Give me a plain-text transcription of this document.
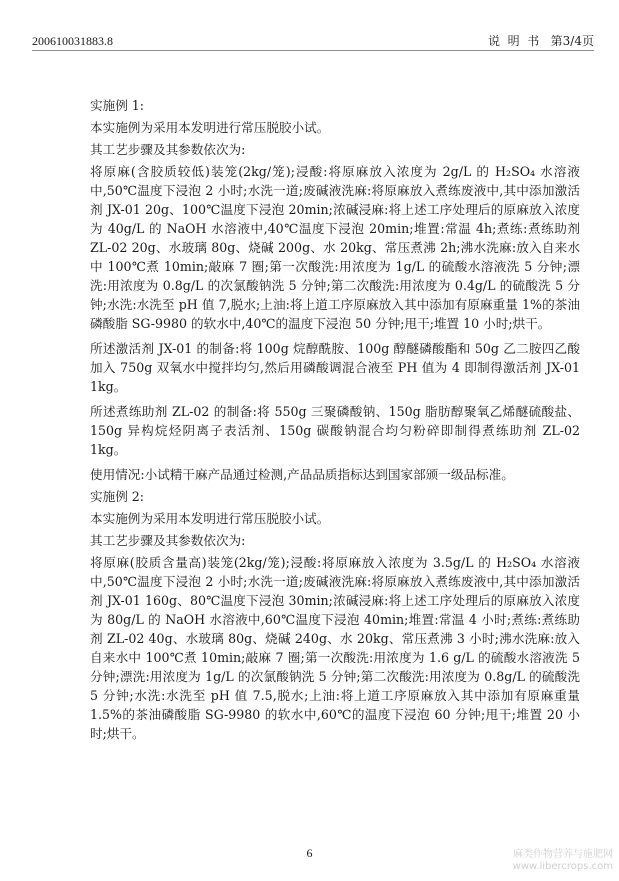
200610031883.8	说  明  书 第3/4页

实施例 1:

本实施例为采用本发明进行常压脱胶小试。

其工艺步骤及其参数依次为:

将原麻(含胶质较低)装笼(2kg/笼);浸酸:将原麻放入浓度为 2g/L 的 H₂SO₄ 水溶液中,50℃温度下浸泡 2 小时;水洗一道;废碱液洗麻:将原麻放入煮练废液中,其中添加激活剂 JX-01 20g、100℃温度下浸泡 20min;浓碱浸麻:将上述工序处理后的原麻放入浓度为 40g/L 的 NaOH 水溶液中,40℃温度下浸泡 20min;堆置:常温 4h;煮练:煮练助剂 ZL-02 20g、水玻璃 80g、烧碱 200g、水 20kg、常压煮沸 2h;沸水洗麻:放入自来水中 100℃煮 10min;敲麻 7 圈;第一次酸洗:用浓度为 1g/L 的硫酸水溶液洗 5 分钟;漂洗:用浓度为 0.8g/L 的次氯酸钠洗 5 分钟;第二次酸洗:用浓度为 0.4g/L 的硫酸洗 5 分钟;水洗:水洗至 pH 值 7,脱水;上油:将上道工序原麻放入其中添加有原麻重量 1%的茶油磷酸脂 SG-9980 的软水中,40℃的温度下浸泡 50 分钟;甩干;堆置 10 小时;烘干。

所述激活剂 JX-01 的制备:将 100g 烷醇酰胺、100g 醇醚磷酸酯和 50g 乙二胺四乙酸加入 750g 双氧水中搅拌均匀,然后用磷酸调混合液至 PH 值为 4 即制得激活剂 JX-01 1kg。

所述煮练助剂 ZL-02 的制备:将 550g 三聚磷酸钠、150g 脂肪醇聚氧乙烯醚硫酸盐、150g 异构烷烃阴离子表活剂、150g 碳酸钠混合均匀粉碎即制得煮练助剂 ZL-02 1kg。

使用情况:小试精干麻产品通过检测,产品品质指标达到国家部颁一级品标准。

实施例 2:

本实施例为采用本发明进行常压脱胶小试。

其工艺步骤及其参数依次为:

将原麻(胶质含量高)装笼(2kg/笼);浸酸:将原麻放入浓度为 3.5g/L 的 H₂SO₄ 水溶液中,50℃温度下浸泡 2 小时;水洗一道;废碱液洗麻:将原麻放入煮练废液中,其中添加激活剂 JX-01 160g、80℃温度下浸泡 30min;浓碱浸麻:将上述工序处理后的原麻放入浓度为 80g/L 的 NaOH 水溶液中,60℃温度下浸泡 40min;堆置:常温 4 小时;煮练:煮练助剂 ZL-02 40g、水玻璃 80g、烧碱 240g、水 20kg、常压煮沸 3 小时;沸水洗麻:放入自来水中 100℃煮 10min;敲麻 7 圈;第一次酸洗:用浓度为 1.6 g/L 的硫酸水溶液洗 5 分钟;漂洗:用浓度为 1g/L 的次氯酸钠洗 5 分钟;第二次酸洗:用浓度为 0.8g/L 的硫酸洗 5 分钟;水洗:水洗至 pH 值 7.5,脱水;上油:将上道工序原麻放入其中添加有原麻重量 1.5%的茶油磷酸脂 SG-9980 的软水中,60℃的温度下浸泡 60 分钟;甩干;堆置 20 小时;烘干。

6	麻类作物营养与施肥网
www.libercrops.com
